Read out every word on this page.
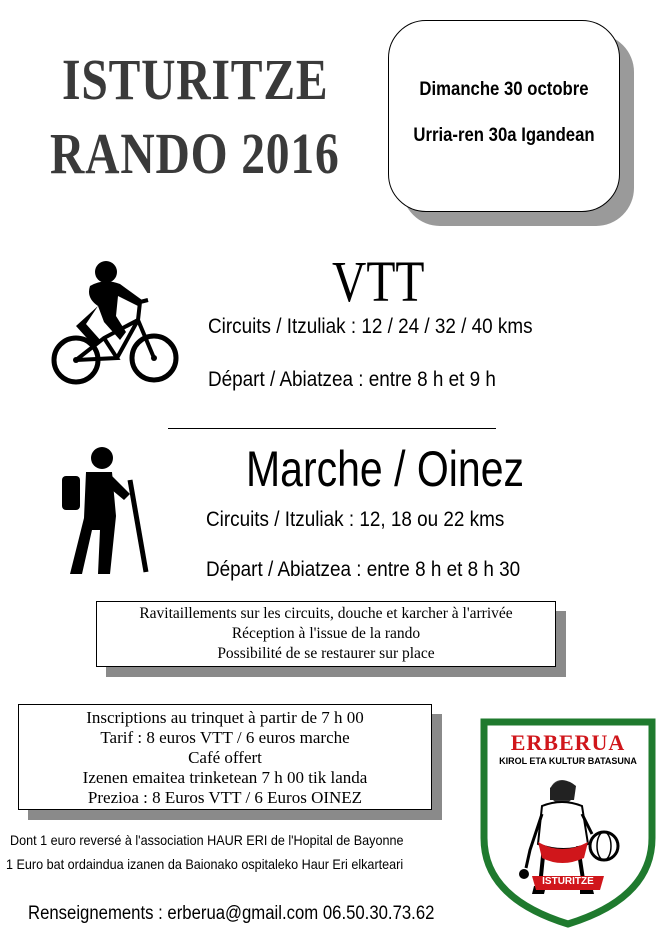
ISTURITZE
RANDO 2016
Dimanche 30 octobre
Urria-ren 30a Igandean
VTT
Circuits / Itzuliak : 12 / 24 / 32 / 40 kms
Départ / Abiatzea : entre 8 h et 9 h
Marche / Oinez
Circuits / Itzuliak : 12, 18 ou 22 kms
Départ / Abiatzea : entre 8 h et 8 h 30
Ravitaillements sur les circuits, douche et karcher à l'arrivée
Réception à l'issue de la rando
Possibilité de se restaurer sur place
Inscriptions au trinquet à partir de 7 h 00
Tarif : 8 euros VTT / 6 euros marche
Café offert
Izenen emaitea trinketean 7 h 00 tik landa
Prezioa : 8 Euros VTT / 6 Euros OINEZ
Dont 1 euro reversé à l'association HAUR ERI de l'Hopital de Bayonne
1 Euro bat ordaindua izanen da Baionako ospitaleko Haur Eri elkarteari
Renseignements : erberua@gmail.com 06.50.30.73.62
ERBERUA
KIROL ETA KULTUR BATASUNA
ISTURITZE
